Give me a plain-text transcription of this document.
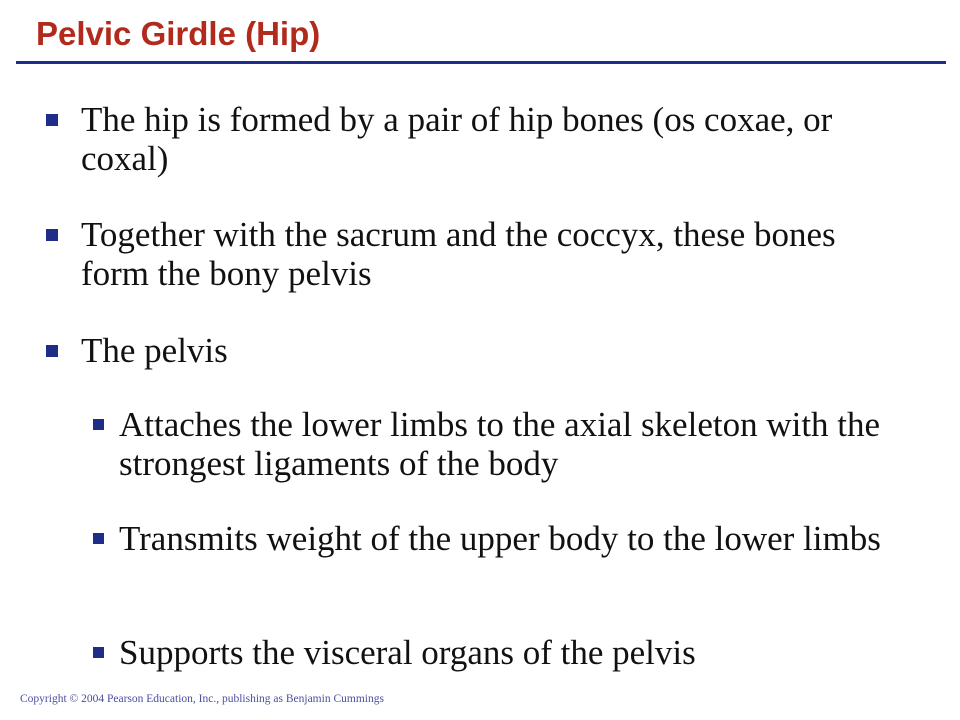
Pelvic Girdle (Hip)
The hip is formed by a pair of hip bones (os coxae, or coxal)
Together with the sacrum and the coccyx, these bones form the bony pelvis
The pelvis
Attaches the lower limbs to the axial skeleton with the strongest ligaments of the body
Transmits weight of the upper body to the lower limbs
Supports the visceral organs of the pelvis

Copyright © 2004 Pearson Education, Inc., publishing as Benjamin Cummings
